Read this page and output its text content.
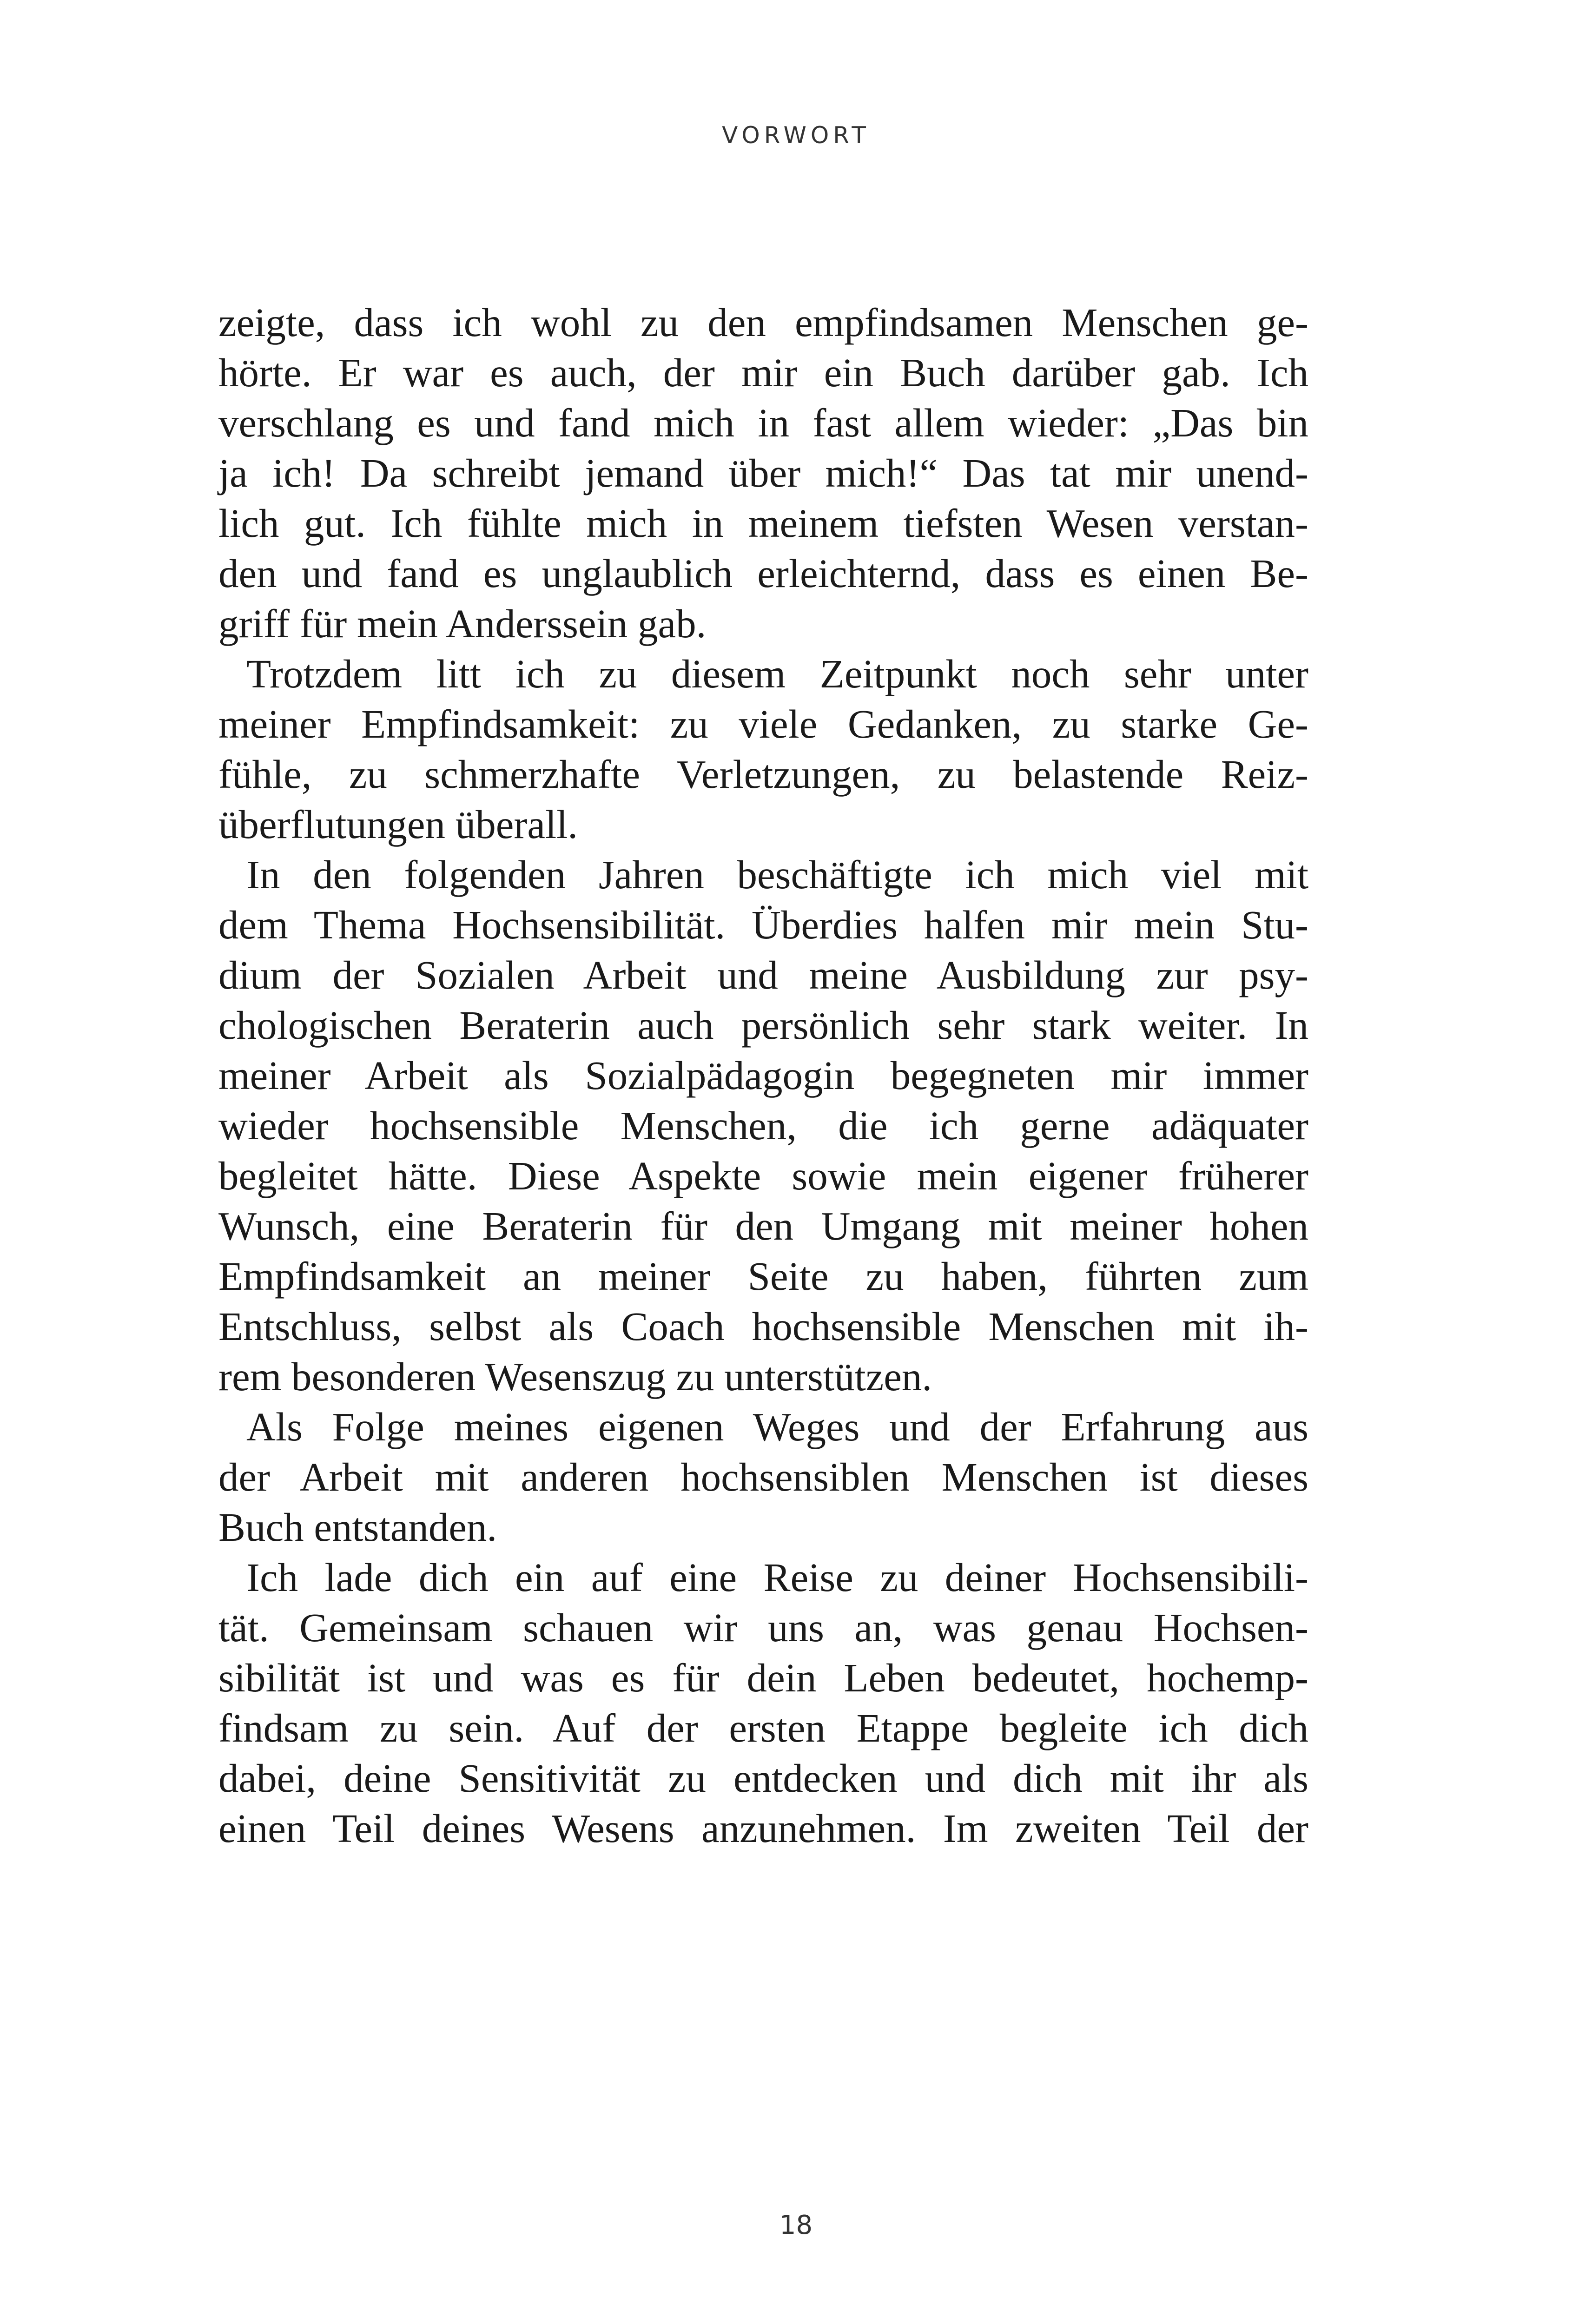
VORWORT
zeigte, dass ich wohl zu den empfindsamen Menschen ge-
hörte. Er war es auch, der mir ein Buch darüber gab. Ich
verschlang es und fand mich in fast allem wieder: „Das bin
ja ich! Da schreibt jemand über mich!“ Das tat mir unend-
lich gut. Ich fühlte mich in meinem tiefsten Wesen verstan-
den und fand es unglaublich erleichternd, dass es einen Be-
griff für mein Anderssein gab.
Trotzdem litt ich zu diesem Zeitpunkt noch sehr unter
meiner Empfindsamkeit: zu viele Gedanken, zu starke Ge-
fühle, zu schmerzhafte Verletzungen, zu belastende Reiz-
überflutungen überall.
In den folgenden Jahren beschäftigte ich mich viel mit
dem Thema Hochsensibilität. Überdies halfen mir mein Stu-
dium der Sozialen Arbeit und meine Ausbildung zur psy-
chologischen Beraterin auch persönlich sehr stark weiter. In
meiner Arbeit als Sozialpädagogin begegneten mir immer
wieder hochsensible Menschen, die ich gerne adäquater
begleitet hätte. Diese Aspekte sowie mein eigener früherer
Wunsch, eine Beraterin für den Umgang mit meiner hohen
Empfindsamkeit an meiner Seite zu haben, führten zum
Entschluss, selbst als Coach hochsensible Menschen mit ih-
rem besonderen Wesenszug zu unterstützen.
Als Folge meines eigenen Weges und der Erfahrung aus
der Arbeit mit anderen hochsensiblen Menschen ist dieses
Buch entstanden.
Ich lade dich ein auf eine Reise zu deiner Hochsensibili-
tät. Gemeinsam schauen wir uns an, was genau Hochsen-
sibilität ist und was es für dein Leben bedeutet, hochemp-
findsam zu sein. Auf der ersten Etappe begleite ich dich
dabei, deine Sensitivität zu entdecken und dich mit ihr als
einen Teil deines Wesens anzunehmen. Im zweiten Teil der
18
